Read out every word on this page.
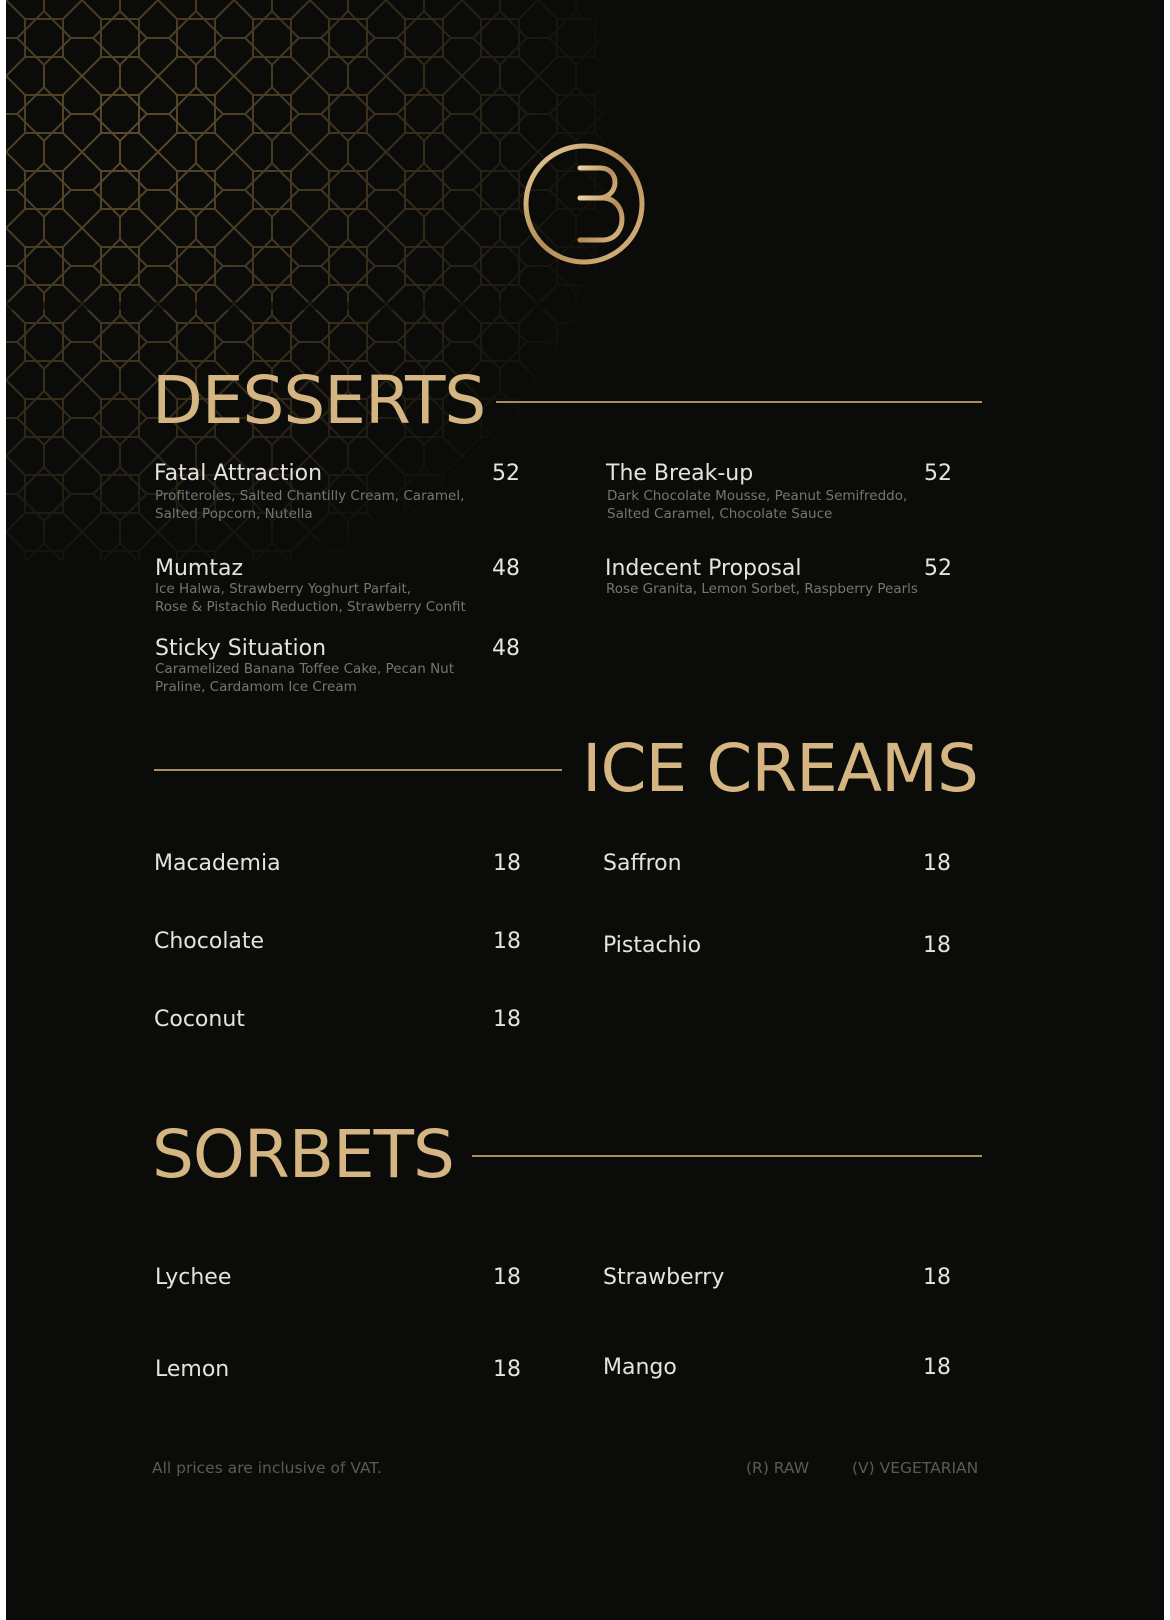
DESSERTS
Fatal Attraction	52
Profiteroles, Salted Chantilly Cream, Caramel,
Salted Popcorn, Nutella
The Break-up	52
Dark Chocolate Mousse, Peanut Semifreddo,
Salted Caramel, Chocolate Sauce
Mumtaz	48
Ice Halwa, Strawberry Yoghurt Parfait,
Rose & Pistachio Reduction, Strawberry Confit
Indecent Proposal	52
Rose Granita, Lemon Sorbet, Raspberry Pearls
Sticky Situation	48
Caramelized Banana Toffee Cake, Pecan Nut
Praline, Cardamom Ice Cream
ICE CREAMS
Macademia	18	Saffron	18
Chocolate	18	Pistachio	18
Coconut	18
SORBETS
Lychee	18	Strawberry	18
Lemon	18	Mango	18
All prices are inclusive of VAT.	(R) RAW	(V) VEGETARIAN
